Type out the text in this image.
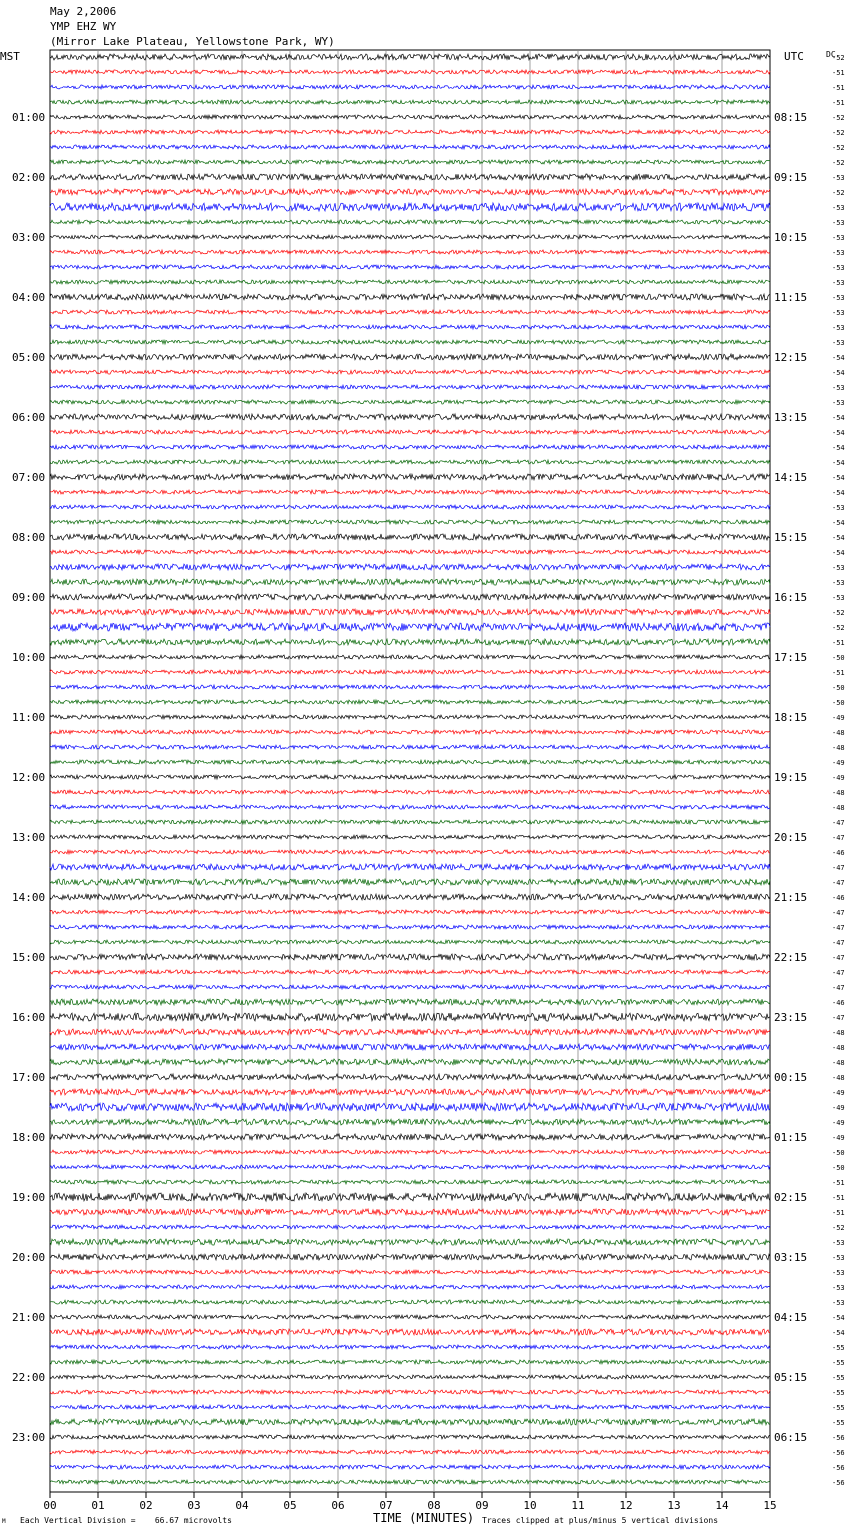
May 2,2006
YMP EHZ WY
(Mirror Lake Plateau, Yellowstone Park, WY)
MST	UTC	DC
-52
-51
-51
-51
-52
-52
-52
-52
-53
-52
-53
-53
-53
-53
-53
-53
-53
-53
-53
-53
-54
-54
-53
-53
-54
-54
-54
-54
-54
-54
-53
-54
-54
-54
-53
-53
-53
-52
-52
-51
-50
-51
-50
-50
-49
-48
-48
-49
-49
-48
-48
-47
-47
-46
-47
-47
-46
-47
-47
-47
-47
-47
-47
-46
-47
-48
-48
-48
-48
-49
-49
-49
-49
-50
-50
-51
-51
-51
-52
-53
-53
-53
-53
-53
-54
-54
-55
-55
-55
-55
-55
-55
-56
-56
-56
-56
01:00	08:15
02:00	09:15
03:00	10:15
04:00	11:15
05:00	12:15
06:00	13:15
07:00	14:15
08:00	15:15
09:00	16:15
10:00	17:15
11:00	18:15
12:00	19:15
13:00	20:15
14:00	21:15
15:00	22:15
16:00	23:15
17:00	00:15
18:00	01:15
19:00	02:15
20:00	03:15
21:00	04:15
22:00	05:15
23:00	06:15
00	01	02	03	04	05	06	07	08	09	10	11	12	13	14	15
M Each Vertical Division =    66.67 microvolts	TIME (MINUTES) Traces clipped at plus/minus 5 vertical divisions
